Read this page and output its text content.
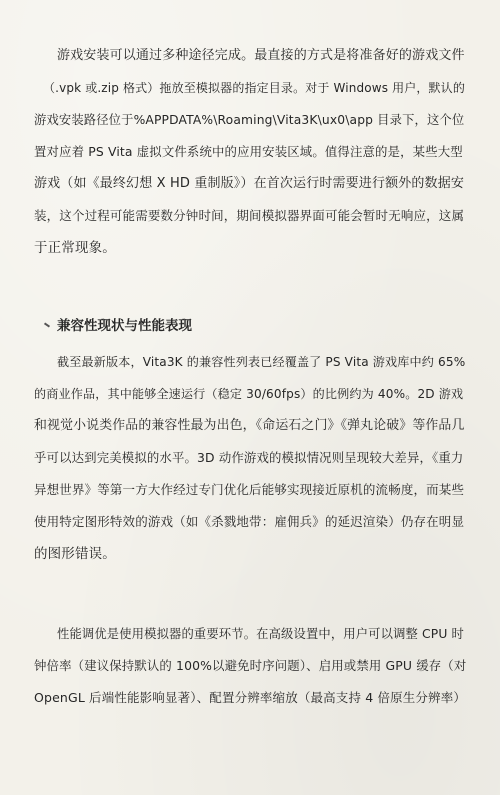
游戏安装可以通过多种途径完成。最直接的方式是将准备好的游戏文件
（.vpk 或.zip 格式）拖放至模拟器的指定目录。对于 Windows 用户，默认的
游戏安装路径位于%APPDATA%\Roaming\Vita3K\ux0\app 目录下，这个位
置对应着 PS Vita 虚拟文件系统中的应用安装区域。值得注意的是，某些大型
游戏（如《最终幻想 X HD 重制版》）在首次运行时需要进行额外的数据安
装，这个过程可能需要数分钟时间，期间模拟器界面可能会暂时无响应，这属
于正常现象。
兼容性现状与性能表现
截至最新版本，Vita3K 的兼容性列表已经覆盖了 PS Vita 游戏库中约 65%
的商业作品，其中能够全速运行（稳定 30/60fps）的比例约为 40%。2D 游戏
和视觉小说类作品的兼容性最为出色，《命运石之门》《弹丸论破》等作品几
乎可以达到完美模拟的水平。3D 动作游戏的模拟情况则呈现较大差异，《重力
异想世界》等第一方大作经过专门优化后能够实现接近原机的流畅度，而某些
使用特定图形特效的游戏（如《杀戮地带：雇佣兵》的延迟渲染）仍存在明显
的图形错误。
性能调优是使用模拟器的重要环节。在高级设置中，用户可以调整 CPU 时
钟倍率（建议保持默认的 100%以避免时序问题）、启用或禁用 GPU 缓存（对
OpenGL 后端性能影响显著）、配置分辨率缩放（最高支持 4 倍原生分辨率）
